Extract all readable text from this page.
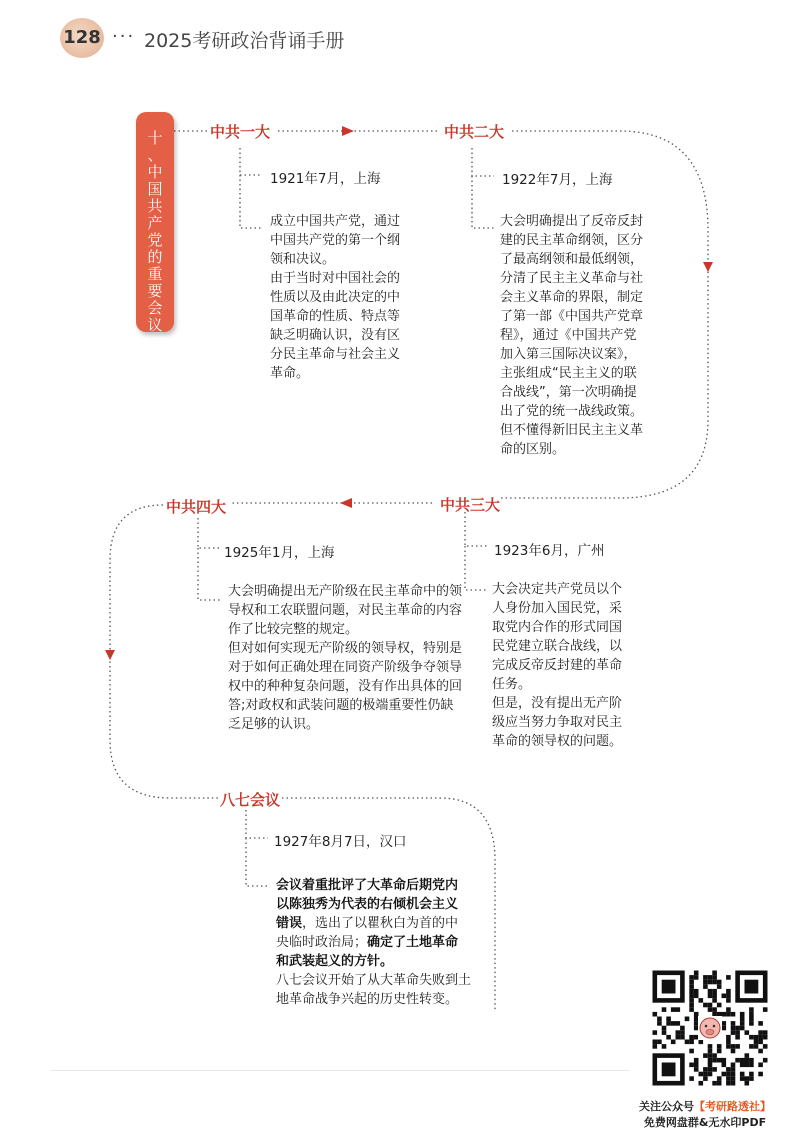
128 ··· 2025考研政治背诵手册
十
、
中
国
共
产
党
的
重
要
会
议
中共一大
1921年7月，上海
成立中国共产党，通过
中国共产党的第一个纲
领和决议。
由于当时对中国社会的
性质以及由此决定的中
国革命的性质、特点等
缺乏明确认识，没有区
分民主革命与社会主义
革命。
中共二大
1922年7月，上海
大会明确提出了反帝反封
建的民主革命纲领，区分
了最高纲领和最低纲领，
分清了民主主义革命与社
会主义革命的界限，制定
了第一部《中国共产党章
程》，通过《中国共产党
加入第三国际决议案》，
主张组成“民主主义的联
合战线”，第一次明确提
出了党的统一战线政策。
但不懂得新旧民主主义革
命的区别。
中共三大
1923年6月，广州
大会决定共产党员以个
人身份加入国民党，采
取党内合作的形式同国
民党建立联合战线，以
完成反帝反封建的革命
任务。
但是，没有提出无产阶
级应当努力争取对民主
革命的领导权的问题。
中共四大
1925年1月，上海
大会明确提出无产阶级在民主革命中的领
导权和工农联盟问题，对民主革命的内容
作了比较完整的规定。
但对如何实现无产阶级的领导权，特别是
对于如何正确处理在同资产阶级争夺领导
权中的种种复杂问题，没有作出具体的回
答;对政权和武装问题的极端重要性仍缺
乏足够的认识。
八七会议
1927年8月7日，汉口
会议着重批评了大革命后期党内
以陈独秀为代表的右倾机会主义
错误，选出了以瞿秋白为首的中
央临时政治局；确定了土地革命
和武装起义的方针。
八七会议开始了从大革命失败到土
地革命战争兴起的历史性转变。
关注公众号【考研路透社】
免费网盘群&无水印PDF
